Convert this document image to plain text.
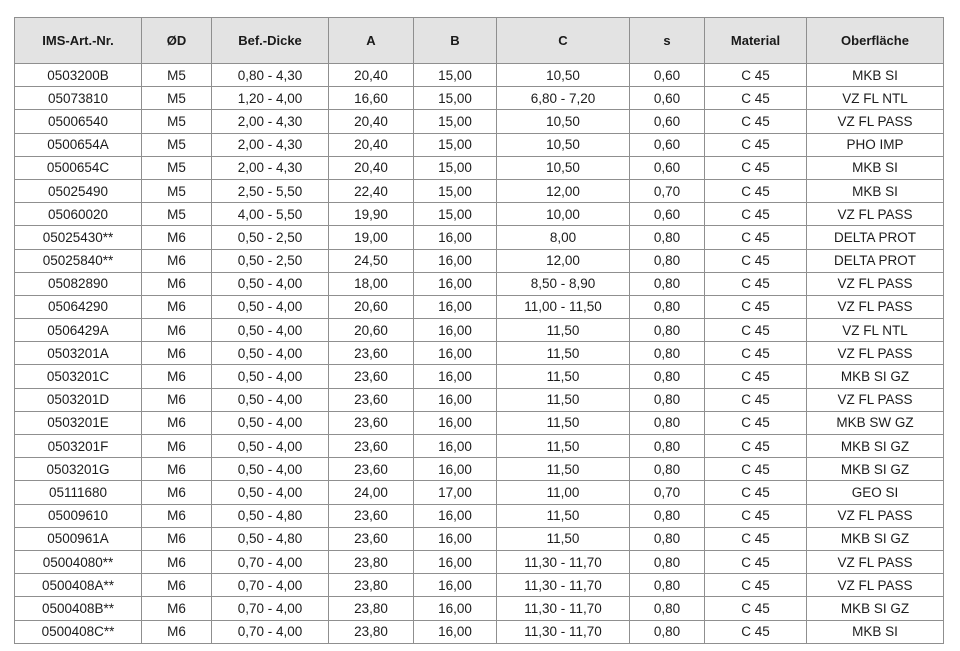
IMS-Art.-Nr.	ØD	Bef.-Dicke	A	B	C	s	Material	Oberfläche
0503200B	M5	0,80 - 4,30	20,40	15,00	10,50	0,60	C 45	MKB SI
05073810	M5	1,20 - 4,00	16,60	15,00	6,80 - 7,20	0,60	C 45	VZ FL NTL
05006540	M5	2,00 - 4,30	20,40	15,00	10,50	0,60	C 45	VZ FL PASS
0500654A	M5	2,00 - 4,30	20,40	15,00	10,50	0,60	C 45	PHO IMP
0500654C	M5	2,00 - 4,30	20,40	15,00	10,50	0,60	C 45	MKB SI
05025490	M5	2,50 - 5,50	22,40	15,00	12,00	0,70	C 45	MKB SI
05060020	M5	4,00 - 5,50	19,90	15,00	10,00	0,60	C 45	VZ FL PASS
05025430**	M6	0,50 - 2,50	19,00	16,00	8,00	0,80	C 45	DELTA PROT
05025840**	M6	0,50 - 2,50	24,50	16,00	12,00	0,80	C 45	DELTA PROT
05082890	M6	0,50 - 4,00	18,00	16,00	8,50 - 8,90	0,80	C 45	VZ FL PASS
05064290	M6	0,50 - 4,00	20,60	16,00	11,00 - 11,50	0,80	C 45	VZ FL PASS
0506429A	M6	0,50 - 4,00	20,60	16,00	11,50	0,80	C 45	VZ FL NTL
0503201A	M6	0,50 - 4,00	23,60	16,00	11,50	0,80	C 45	VZ FL PASS
0503201C	M6	0,50 - 4,00	23,60	16,00	11,50	0,80	C 45	MKB SI GZ
0503201D	M6	0,50 - 4,00	23,60	16,00	11,50	0,80	C 45	VZ FL PASS
0503201E	M6	0,50 - 4,00	23,60	16,00	11,50	0,80	C 45	MKB SW GZ
0503201F	M6	0,50 - 4,00	23,60	16,00	11,50	0,80	C 45	MKB SI GZ
0503201G	M6	0,50 - 4,00	23,60	16,00	11,50	0,80	C 45	MKB SI GZ
05111680	M6	0,50 - 4,00	24,00	17,00	11,00	0,70	C 45	GEO SI
05009610	M6	0,50 - 4,80	23,60	16,00	11,50	0,80	C 45	VZ FL PASS
0500961A	M6	0,50 - 4,80	23,60	16,00	11,50	0,80	C 45	MKB SI GZ
05004080**	M6	0,70 - 4,00	23,80	16,00	11,30 - 11,70	0,80	C 45	VZ FL PASS
0500408A**	M6	0,70 - 4,00	23,80	16,00	11,30 - 11,70	0,80	C 45	VZ FL PASS
0500408B**	M6	0,70 - 4,00	23,80	16,00	11,30 - 11,70	0,80	C 45	MKB SI GZ
0500408C**	M6	0,70 - 4,00	23,80	16,00	11,30 - 11,70	0,80	C 45	MKB SI
